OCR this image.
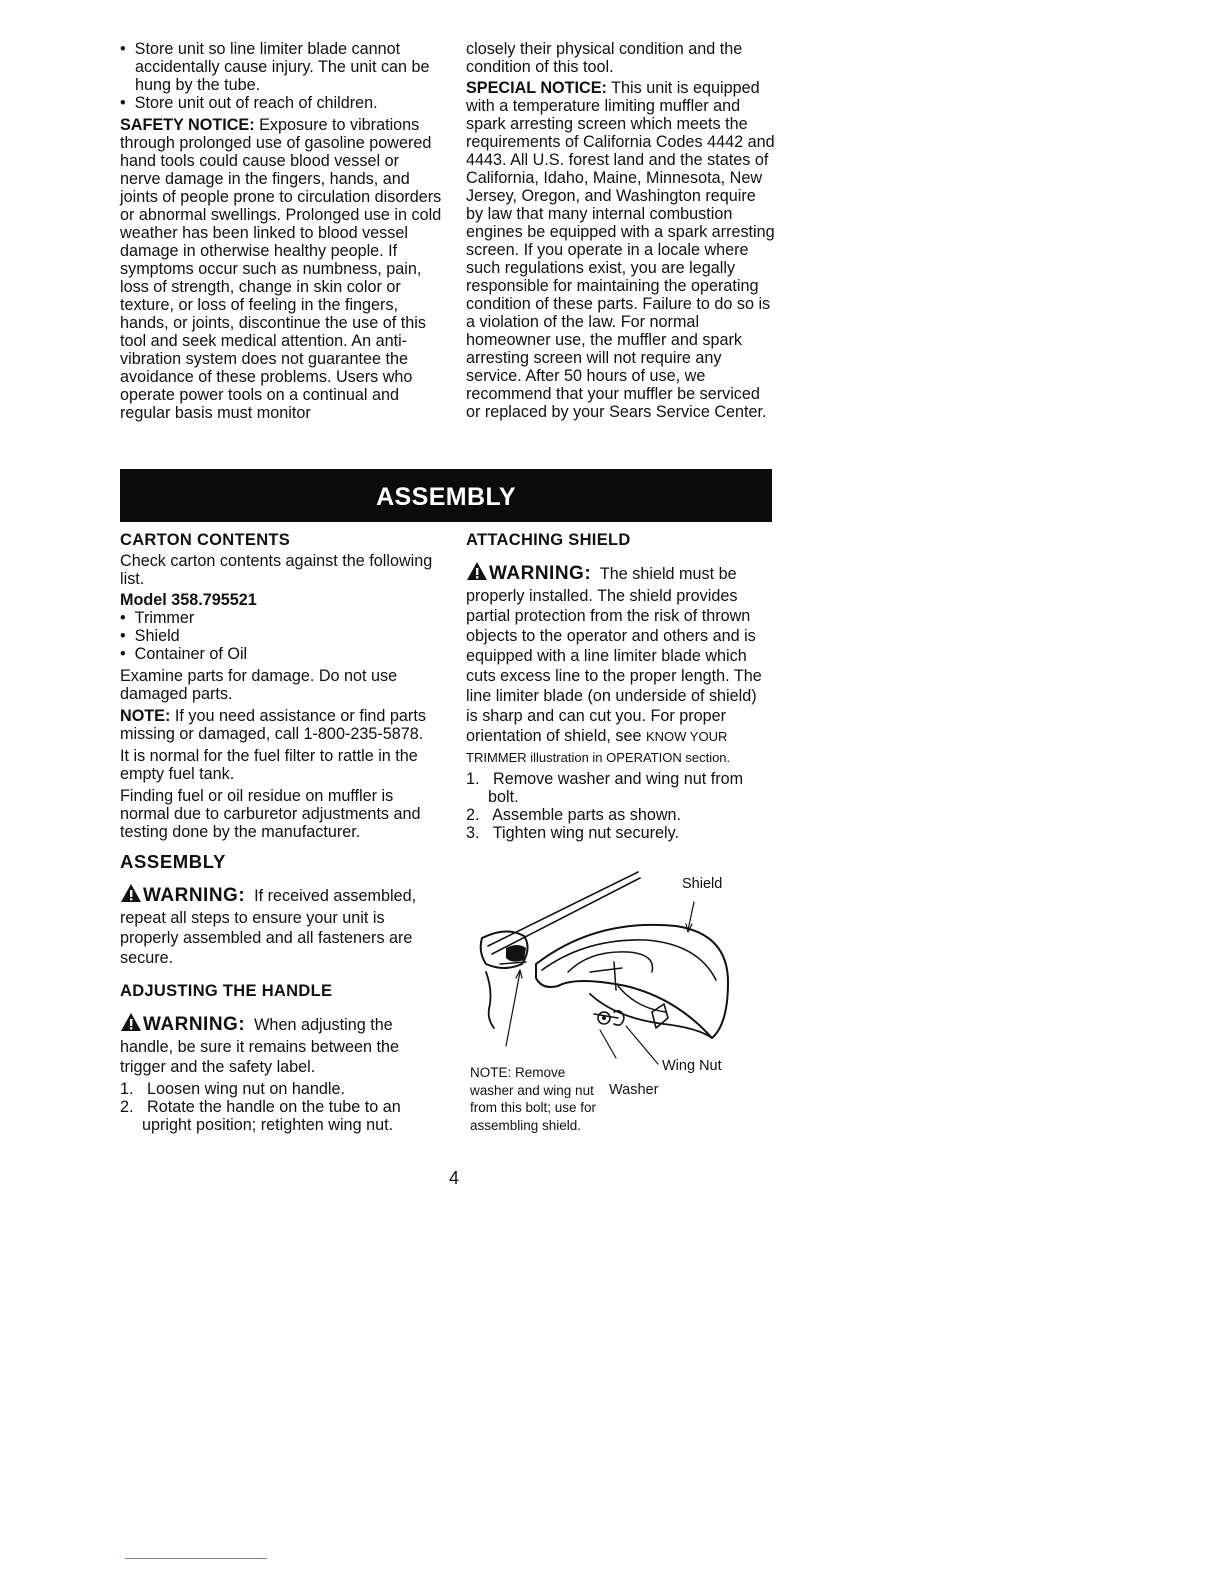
•  Store unit so line limiter blade cannot accidentally cause injury. The unit can be hung by the tube.

•  Store unit out of reach of children.

SAFETY NOTICE: Exposure to vibrations through prolonged use of gasoline powered hand tools could cause blood vessel or nerve damage in the fingers, hands, and joints of people prone to circulation disorders or abnormal swellings. Prolonged use in cold weather has been linked to blood vessel damage in otherwise healthy people. If symptoms occur such as numbness, pain, loss of strength, change in skin color or texture, or loss of feeling in the fingers, hands, or joints, discontinue the use of this tool and seek medical attention. An anti-vibration system does not guarantee the avoidance of these problems. Users who operate power tools on a continual and regular basis must monitor

closely their physical condition and the condition of this tool.

SPECIAL NOTICE: This unit is equipped with a temperature limiting muffler and spark arresting screen which meets the requirements of California Codes 4442 and 4443. All U.S. forest land and the states of California, Idaho, Maine, Minnesota, New Jersey, Oregon, and Washington require by law that many internal combustion engines be equipped with a spark arresting screen. If you operate in a locale where such regulations exist, you are legally responsible for maintaining the operating condition of these parts. Failure to do so is a violation of the law. For normal homeowner use, the muffler and spark arresting screen will not require any service. After 50 hours of use, we recommend that your muffler be serviced or replaced by your Sears Service Center.

ASSEMBLY

CARTON CONTENTS

Check carton contents against the following list.

Model 358.795521

•  Trimmer

•  Shield

•  Container of Oil

Examine parts for damage. Do not use damaged parts.

NOTE: If you need assistance or find parts missing or damaged, call 1-800-235-5878.

It is normal for the fuel filter to rattle in the empty fuel tank.

Finding fuel or oil residue on muffler is normal due to carburetor adjustments and testing done by the manufacturer.

ASSEMBLY

WARNING: If received assembled, repeat all steps to ensure your unit is properly assembled and all fasteners are secure.

ADJUSTING THE HANDLE

WARNING: When adjusting the handle, be sure it remains between the trigger and the safety label.

1.   Loosen wing nut on handle.

2.   Rotate the handle on the tube to an upright position; retighten wing nut.

ATTACHING SHIELD

WARNING: The shield must be properly installed. The shield provides partial protection from the risk of thrown objects to the operator and others and is equipped with a line limiter blade which cuts excess line to the proper length. The line limiter blade (on underside of shield) is sharp and can cut you. For proper orientation of shield, see KNOW YOUR TRIMMER illustration in OPERATION section.

1.   Remove washer and wing nut from bolt.

2.   Assemble parts as shown.

3.   Tighten wing nut securely.

Shield
Wing Nut
Washer
NOTE: Remove washer and wing nut from this bolt; use for assembling shield.
4
